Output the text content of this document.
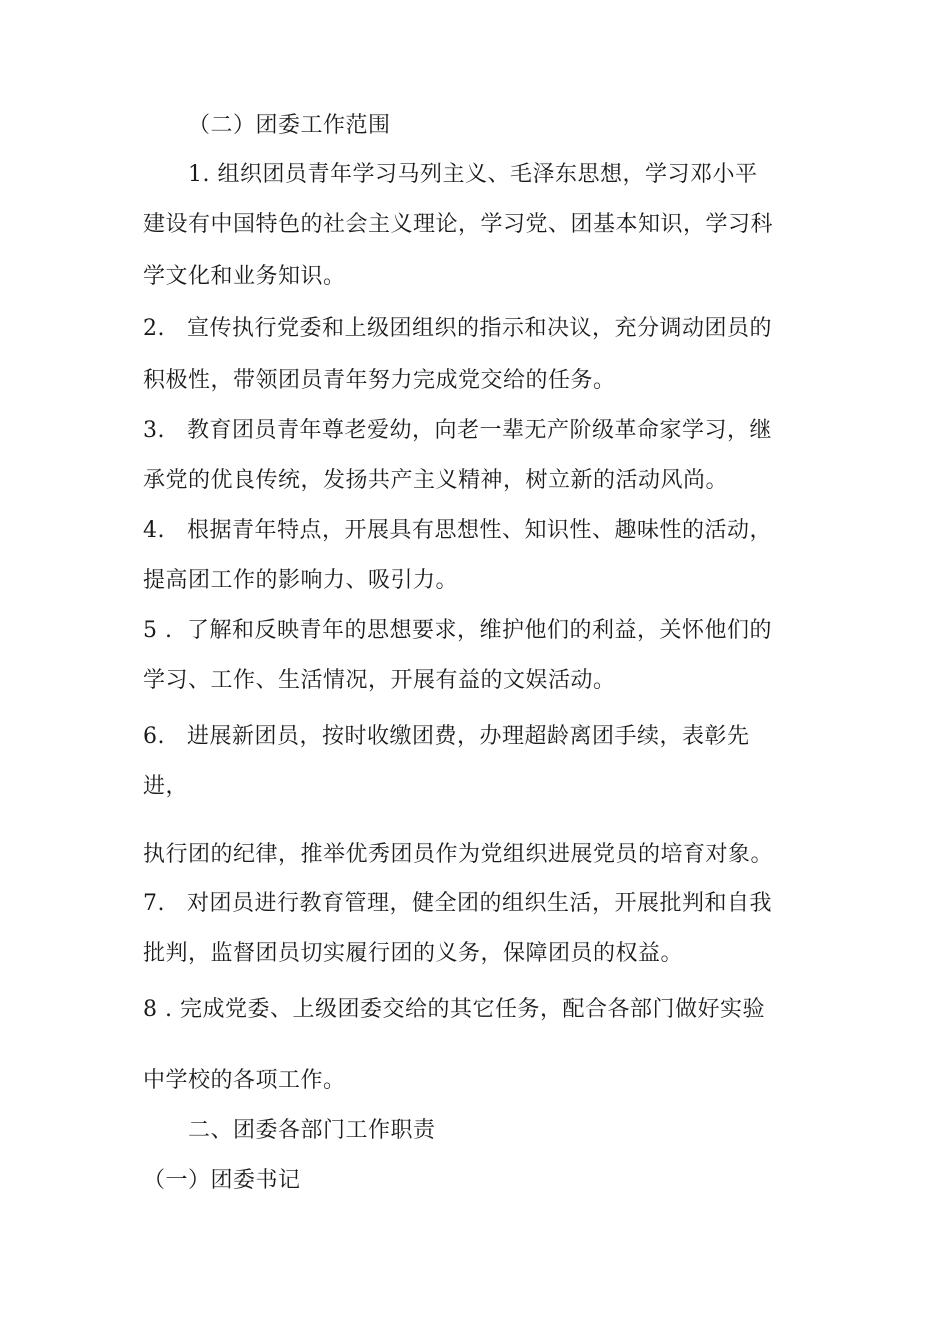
（二）团委工作范围
1. 组织团员青年学习马列主义、毛泽东思想，学习邓小平
建设有中国特色的社会主义理论，学习党、团基本知识，学习科
学文化和业务知识。
2. 宣传执行党委和上级团组织的指示和决议，充分调动团员的
积极性，带领团员青年努力完成党交给的任务。
3. 教育团员青年尊老爱幼，向老一辈无产阶级革命家学习，继
承党的优良传统，发扬共产主义精神，树立新的活动风尚。
4. 根据青年特点，开展具有思想性、知识性、趣味性的活动，
提高团工作的影响力、吸引力。
5 . 了解和反映青年的思想要求，维护他们的利益，关怀他们的
学习、工作、生活情况，开展有益的文娱活动。
6. 进展新团员，按时收缴团费，办理超龄离团手续，表彰先
进，
执行团的纪律，推举优秀团员作为党组织进展党员的培育对象。
7. 对团员进行教育管理，健全团的组织生活，开展批判和自我
批判，监督团员切实履行团的义务，保障团员的权益。
8 . 完成党委、上级团委交给的其它任务，配合各部门做好实验
中学校的各项工作。
二、团委各部门工作职责
（一）团委书记
